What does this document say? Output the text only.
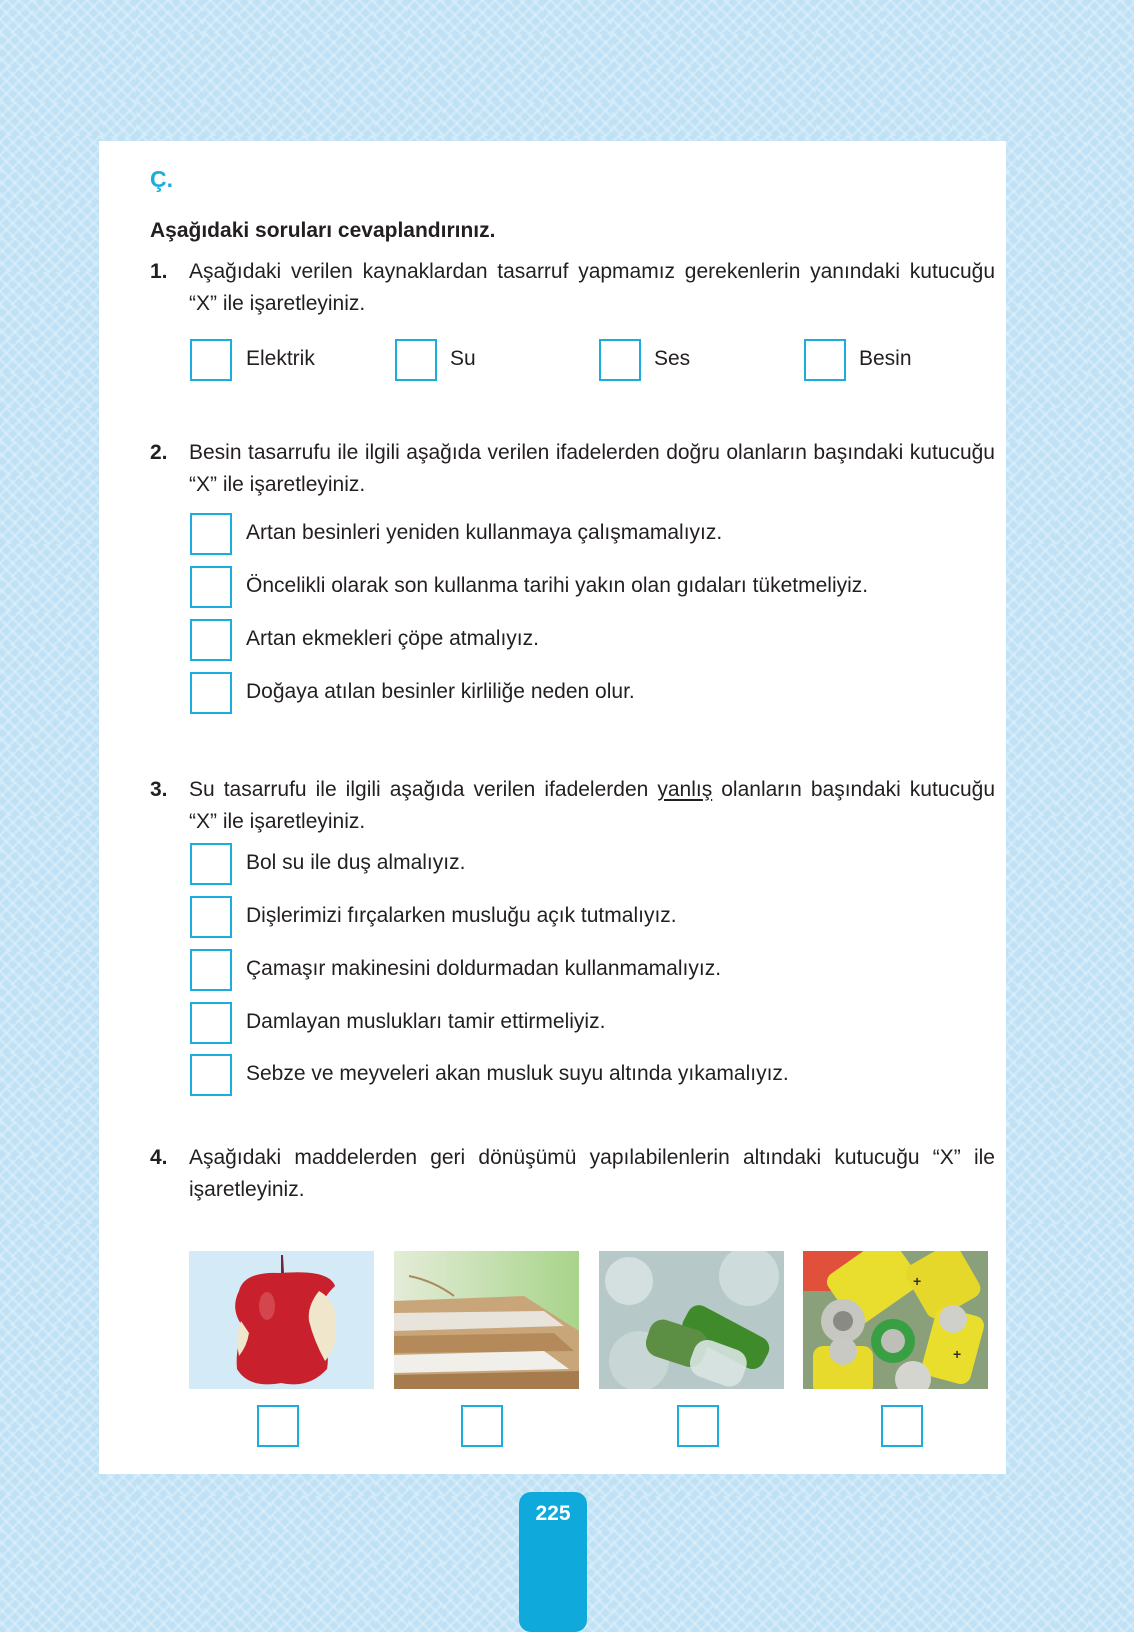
Ç.
Aşağıdaki soruları cevaplandırınız.
1. Aşağıdaki verilen kaynaklardan tasarruf yapmamız gerekenlerin yanındaki kutucuğu “X” ile işaretleyiniz.
Elektrik	Su	Ses	Besin
2. Besin tasarrufu ile ilgili aşağıda verilen ifadelerden doğru olanların başındaki kutucuğu “X” ile işaretleyiniz.
Artan besinleri yeniden kullanmaya çalışmamalıyız.
Öncelikli olarak son kullanma tarihi yakın olan gıdaları tüketmeliyiz.
Artan ekmekleri çöpe atmalıyız.
Doğaya atılan besinler kirliliğe neden olur.
3. Su tasarrufu ile ilgili aşağıda verilen ifadelerden yanlış olanların başındaki kutucuğu “X” ile işaretleyiniz.
Bol su ile duş almalıyız.
Dişlerimizi fırçalarken musluğu açık tutmalıyız.
Çamaşır makinesini doldurmadan kullanmamalıyız.
Damlayan muslukları tamir ettirmeliyiz.
Sebze ve meyveleri akan musluk suyu altında yıkamalıyız.
4. Aşağıdaki maddelerden geri dönüşümü yapılabilenlerin altındaki kutucuğu “X” ile işaretleyiniz.
+
+
225
